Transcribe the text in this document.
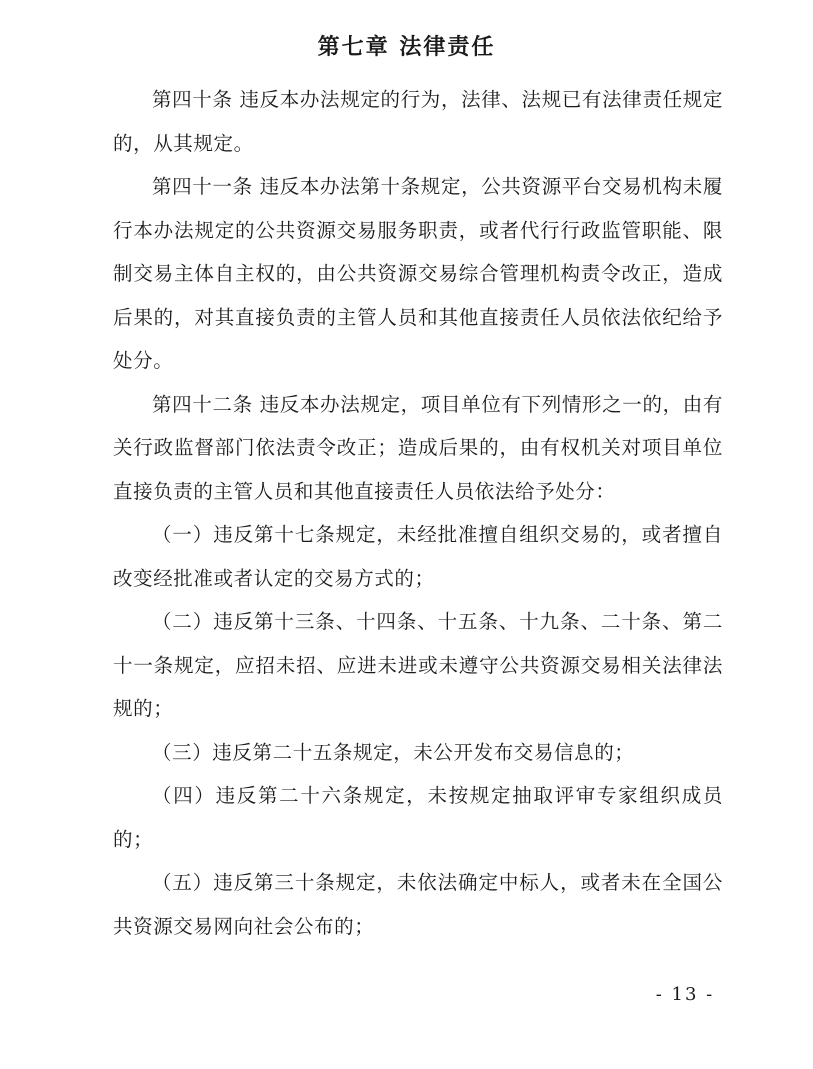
第七章 法律责任

第四十条 违反本办法规定的行为，法律、法规已有法律责任规定的，从其规定。

第四十一条 违反本办法第十条规定，公共资源平台交易机构未履行本办法规定的公共资源交易服务职责，或者代行行政监管职能、限制交易主体自主权的，由公共资源交易综合管理机构责令改正，造成后果的，对其直接负责的主管人员和其他直接责任人员依法依纪给予处分。

第四十二条 违反本办法规定，项目单位有下列情形之一的，由有关行政监督部门依法责令改正；造成后果的，由有权机关对项目单位直接负责的主管人员和其他直接责任人员依法给予处分：

（一）违反第十七条规定，未经批准擅自组织交易的，或者擅自改变经批准或者认定的交易方式的；

（二）违反第十三条、十四条、十五条、十九条、二十条、第二十一条规定，应招未招、应进未进或未遵守公共资源交易相关法律法规的；

（三）违反第二十五条规定，未公开发布交易信息的；

（四）违反第二十六条规定，未按规定抽取评审专家组织成员的；

（五）违反第三十条规定，未依法确定中标人，或者未在全国公共资源交易网向社会公布的；

- 13 -
